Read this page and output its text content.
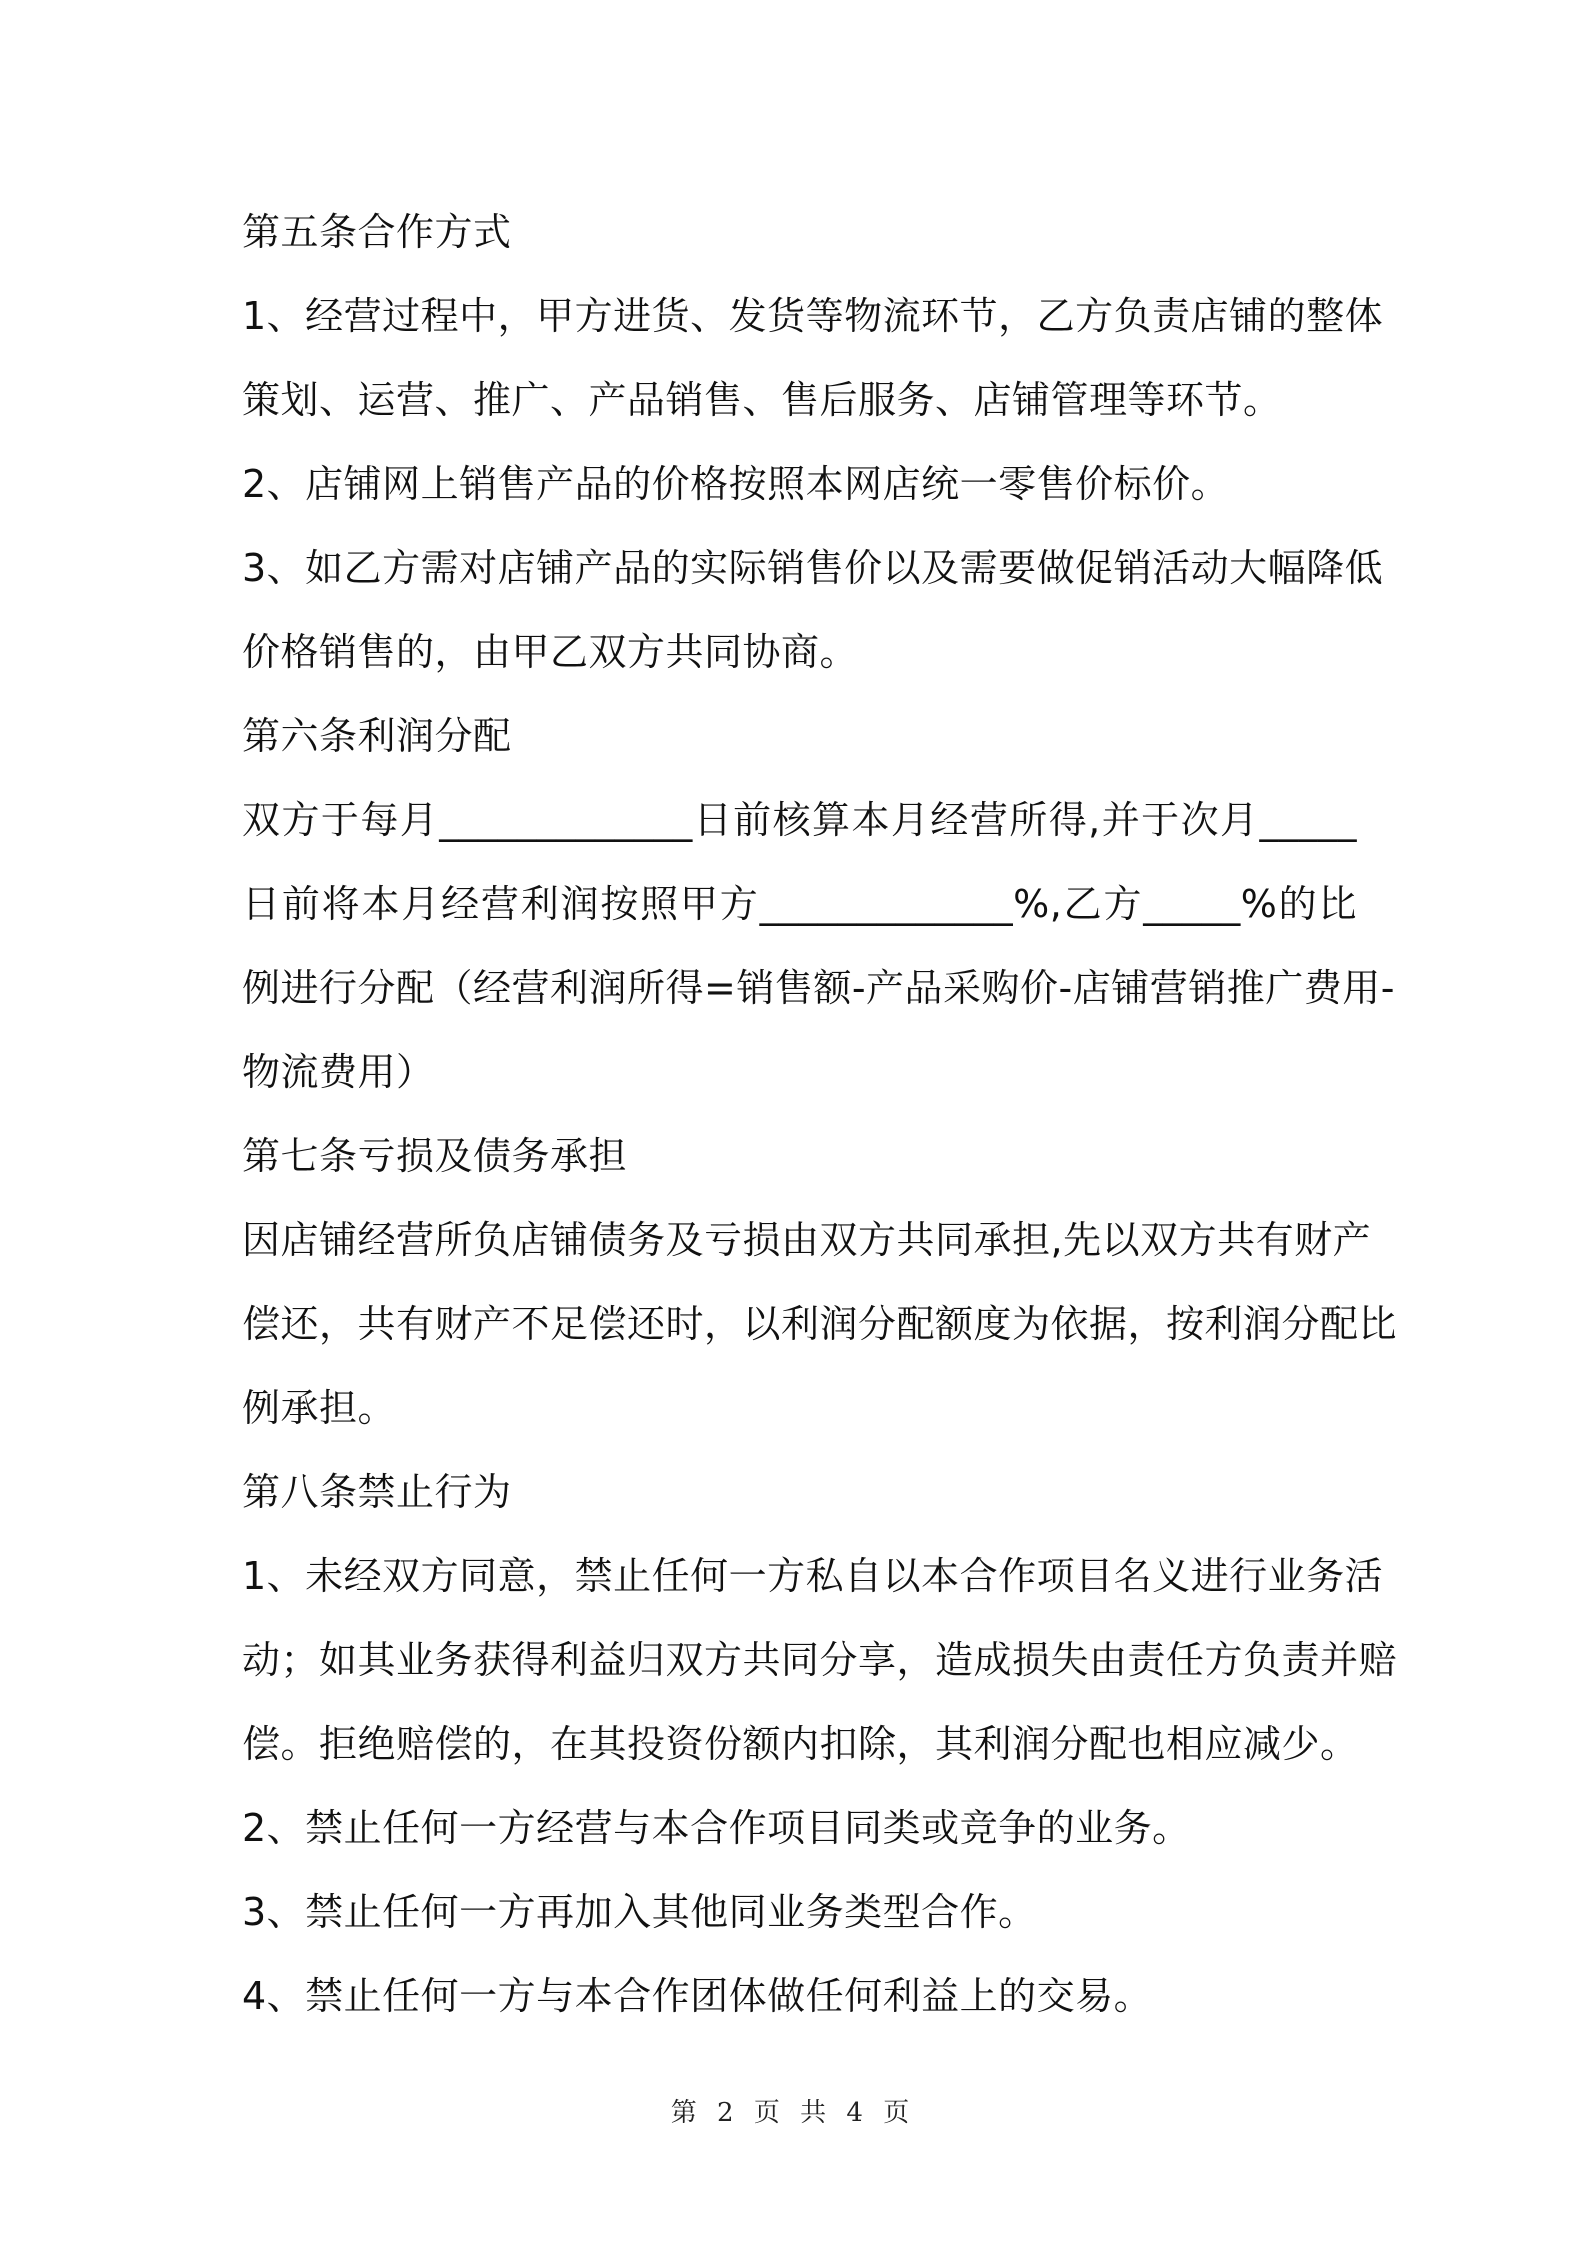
第五条合作方式
1、经营过程中，甲方进货、发货等物流环节，乙方负责店铺的整体
策划、运营、推广、产品销售、售后服务、店铺管理等环节。
2、店铺网上销售产品的价格按照本网店统一零售价标价。
3、如乙方需对店铺产品的实际销售价以及需要做促销活动大幅降低
价格销售的，由甲乙双方共同协商。
第六条利润分配
双方于每月_____________日前核算本月经营所得,并于次月_____
日前将本月经营利润按照甲方_____________%,乙方_____%的比
例进行分配（经营利润所得=销售额-产品采购价-店铺营销推广费用-
物流费用）
第七条亏损及债务承担
因店铺经营所负店铺债务及亏损由双方共同承担,先以双方共有财产
偿还，共有财产不足偿还时，以利润分配额度为依据，按利润分配比
例承担。
第八条禁止行为
1、未经双方同意，禁止任何一方私自以本合作项目名义进行业务活
动；如其业务获得利益归双方共同分享，造成损失由责任方负责并赔
偿。拒绝赔偿的，在其投资份额内扣除，其利润分配也相应减少。
2、禁止任何一方经营与本合作项目同类或竞争的业务。
3、禁止任何一方再加入其他同业务类型合作。
4、禁止任何一方与本合作团体做任何利益上的交易。
第 2 页 共 4 页
